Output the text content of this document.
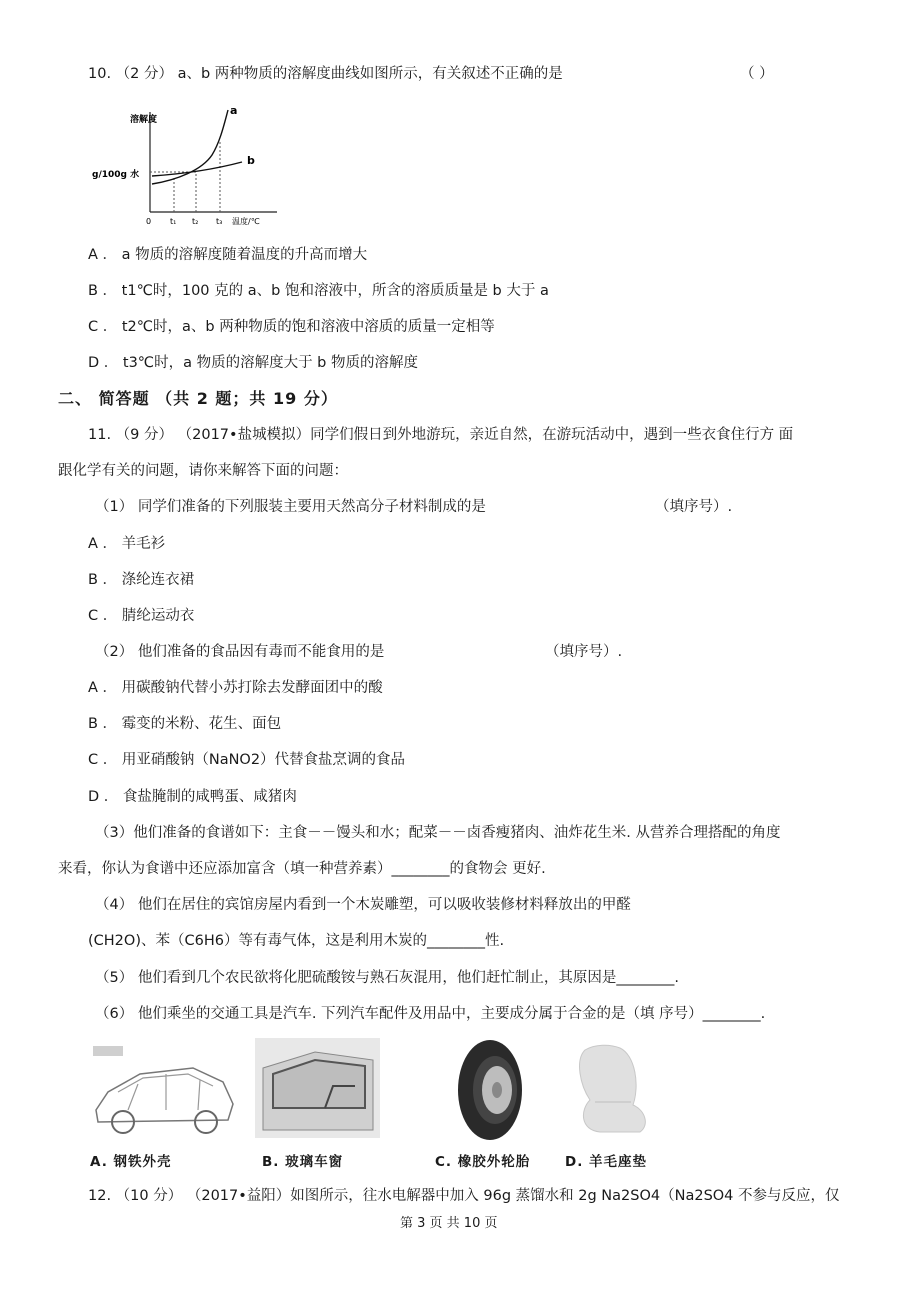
10. （2 分） a、b 两种物质的溶解度曲线如图所示，有关叙述不正确的是	（ ）
a
b
溶解度
g/100g 水
0 t₁ t₂ t₃ 温度/℃
A ． a 物质的溶解度随着温度的升高而增大
B ． t1℃时，100 克的 a、b 饱和溶液中，所含的溶质质量是 b 大于 a
C ． t2℃时，a、b 两种物质的饱和溶液中溶质的质量一定相等
D ． t3℃时，a 物质的溶解度大于 b 物质的溶解度
二、 简答题 （共 2 题；共 19 分）
11. （9 分） （2017•盐城模拟）同学们假日到外地游玩，亲近自然，在游玩活动中，遇到一些衣食住行方 面
跟化学有关的问题，请你来解答下面的问题：
（1） 同学们准备的下列服装主要用天然高分子材料制成的是	（填序号）.
A ． 羊毛衫
B ． 涤纶连衣裙
C ． 腈纶运动衣
（2） 他们准备的食品因有毒而不能食用的是	（填序号）.
A ． 用碳酸钠代替小苏打除去发酵面团中的酸
B ． 霉变的米粉、花生、面包
C ． 用亚硝酸钠（NaNO2）代替食盐烹调的食品
D ． 食盐腌制的咸鸭蛋、咸猪肉
（3）他们准备的食谱如下：主食－－馒头和水；配菜－－卤香瘦猪肉、油炸花生米. 从营养合理搭配的角度
来看，你认为食谱中还应添加富含（填一种营养素）________的食物会 更好.
（4） 他们在居住的宾馆房屋内看到一个木炭雕塑，可以吸收装修材料释放出的甲醛
(CH2O)、苯（C6H6）等有毒气体，这是利用木炭的________性.
（5） 他们看到几个农民欲将化肥硫酸铵与熟石灰混用，他们赶忙制止，其原因是________.
（6） 他们乘坐的交通工具是汽车. 下列汽车配件及用品中，主要成分属于合金的是（填 序号）________.
A. 钢铁外壳	B. 玻璃车窗	C. 橡胶外轮胎	D. 羊毛座垫
12. （10 分） （2017•益阳）如图所示，往水电解器中加入 96g 蒸馏水和 2g Na2SO4（Na2SO4 不参与反应，仅
第 3 页 共 10 页
